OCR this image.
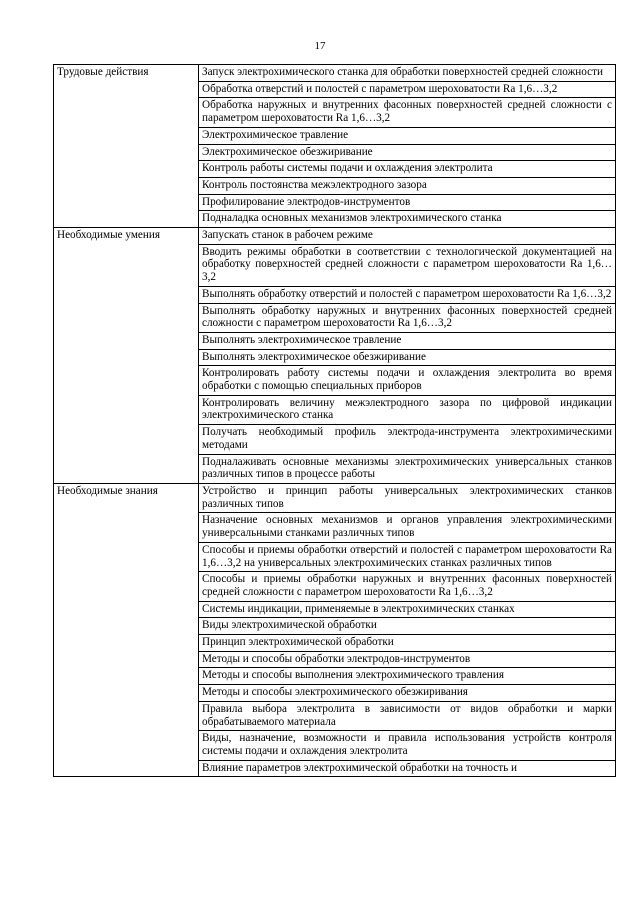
17
Трудовые действия	Запуск электрохимического станка для обработки поверхностей средней сложности
	Обработка отверстий и полостей с параметром шероховатости Ra 1,6…3,2
	Обработка наружных и внутренних фасонных поверхностей средней сложности с параметром шероховатости Ra 1,6…3,2
	Электрохимическое травление
	Электрохимическое обезжиривание
	Контроль работы системы подачи и охлаждения электролита
	Контроль постоянства межэлектродного зазора
	Профилирование электродов-инструментов
	Подналадка основных механизмов электрохимического станка
Необходимые умения	Запускать станок в рабочем режиме
	Вводить режимы обработки в соответствии с технологической документацией на обработку поверхностей средней сложности с параметром шероховатости Ra 1,6…3,2
	Выполнять обработку отверстий и полостей с параметром шероховатости Ra 1,6…3,2
	Выполнять обработку наружных и внутренних фасонных поверхностей средней сложности с параметром шероховатости Ra 1,6…3,2
	Выполнять электрохимическое травление
	Выполнять электрохимическое обезжиривание
	Контролировать работу системы подачи и охлаждения электролита во время обработки с помощью специальных приборов
	Контролировать величину межэлектродного зазора по цифровой индикации электрохимического станка
	Получать необходимый профиль электрода-инструмента электрохимическими методами
	Подналаживать основные механизмы электрохимических универсальных станков различных типов в процессе работы
Необходимые знания	Устройство и принцип работы универсальных электрохимических станков различных типов
	Назначение основных механизмов и органов управления электрохимическими универсальными станками различных типов
	Способы и приемы обработки отверстий и полостей с параметром шероховатости Ra 1,6…3,2 на универсальных электрохимических станках различных типов
	Способы и приемы обработки наружных и внутренних фасонных поверхностей средней сложности с параметром шероховатости Ra 1,6…3,2
	Системы индикации, применяемые в электрохимических станках
	Виды электрохимической обработки
	Принцип электрохимической обработки
	Методы и способы обработки электродов-инструментов
	Методы и способы выполнения электрохимического травления
	Методы и способы электрохимического обезжиривания
	Правила выбора электролита в зависимости от видов обработки и марки обрабатываемого материала
	Виды, назначение, возможности и правила использования устройств контроля системы подачи и охлаждения электролита
	Влияние параметров электрохимической обработки на точность и
